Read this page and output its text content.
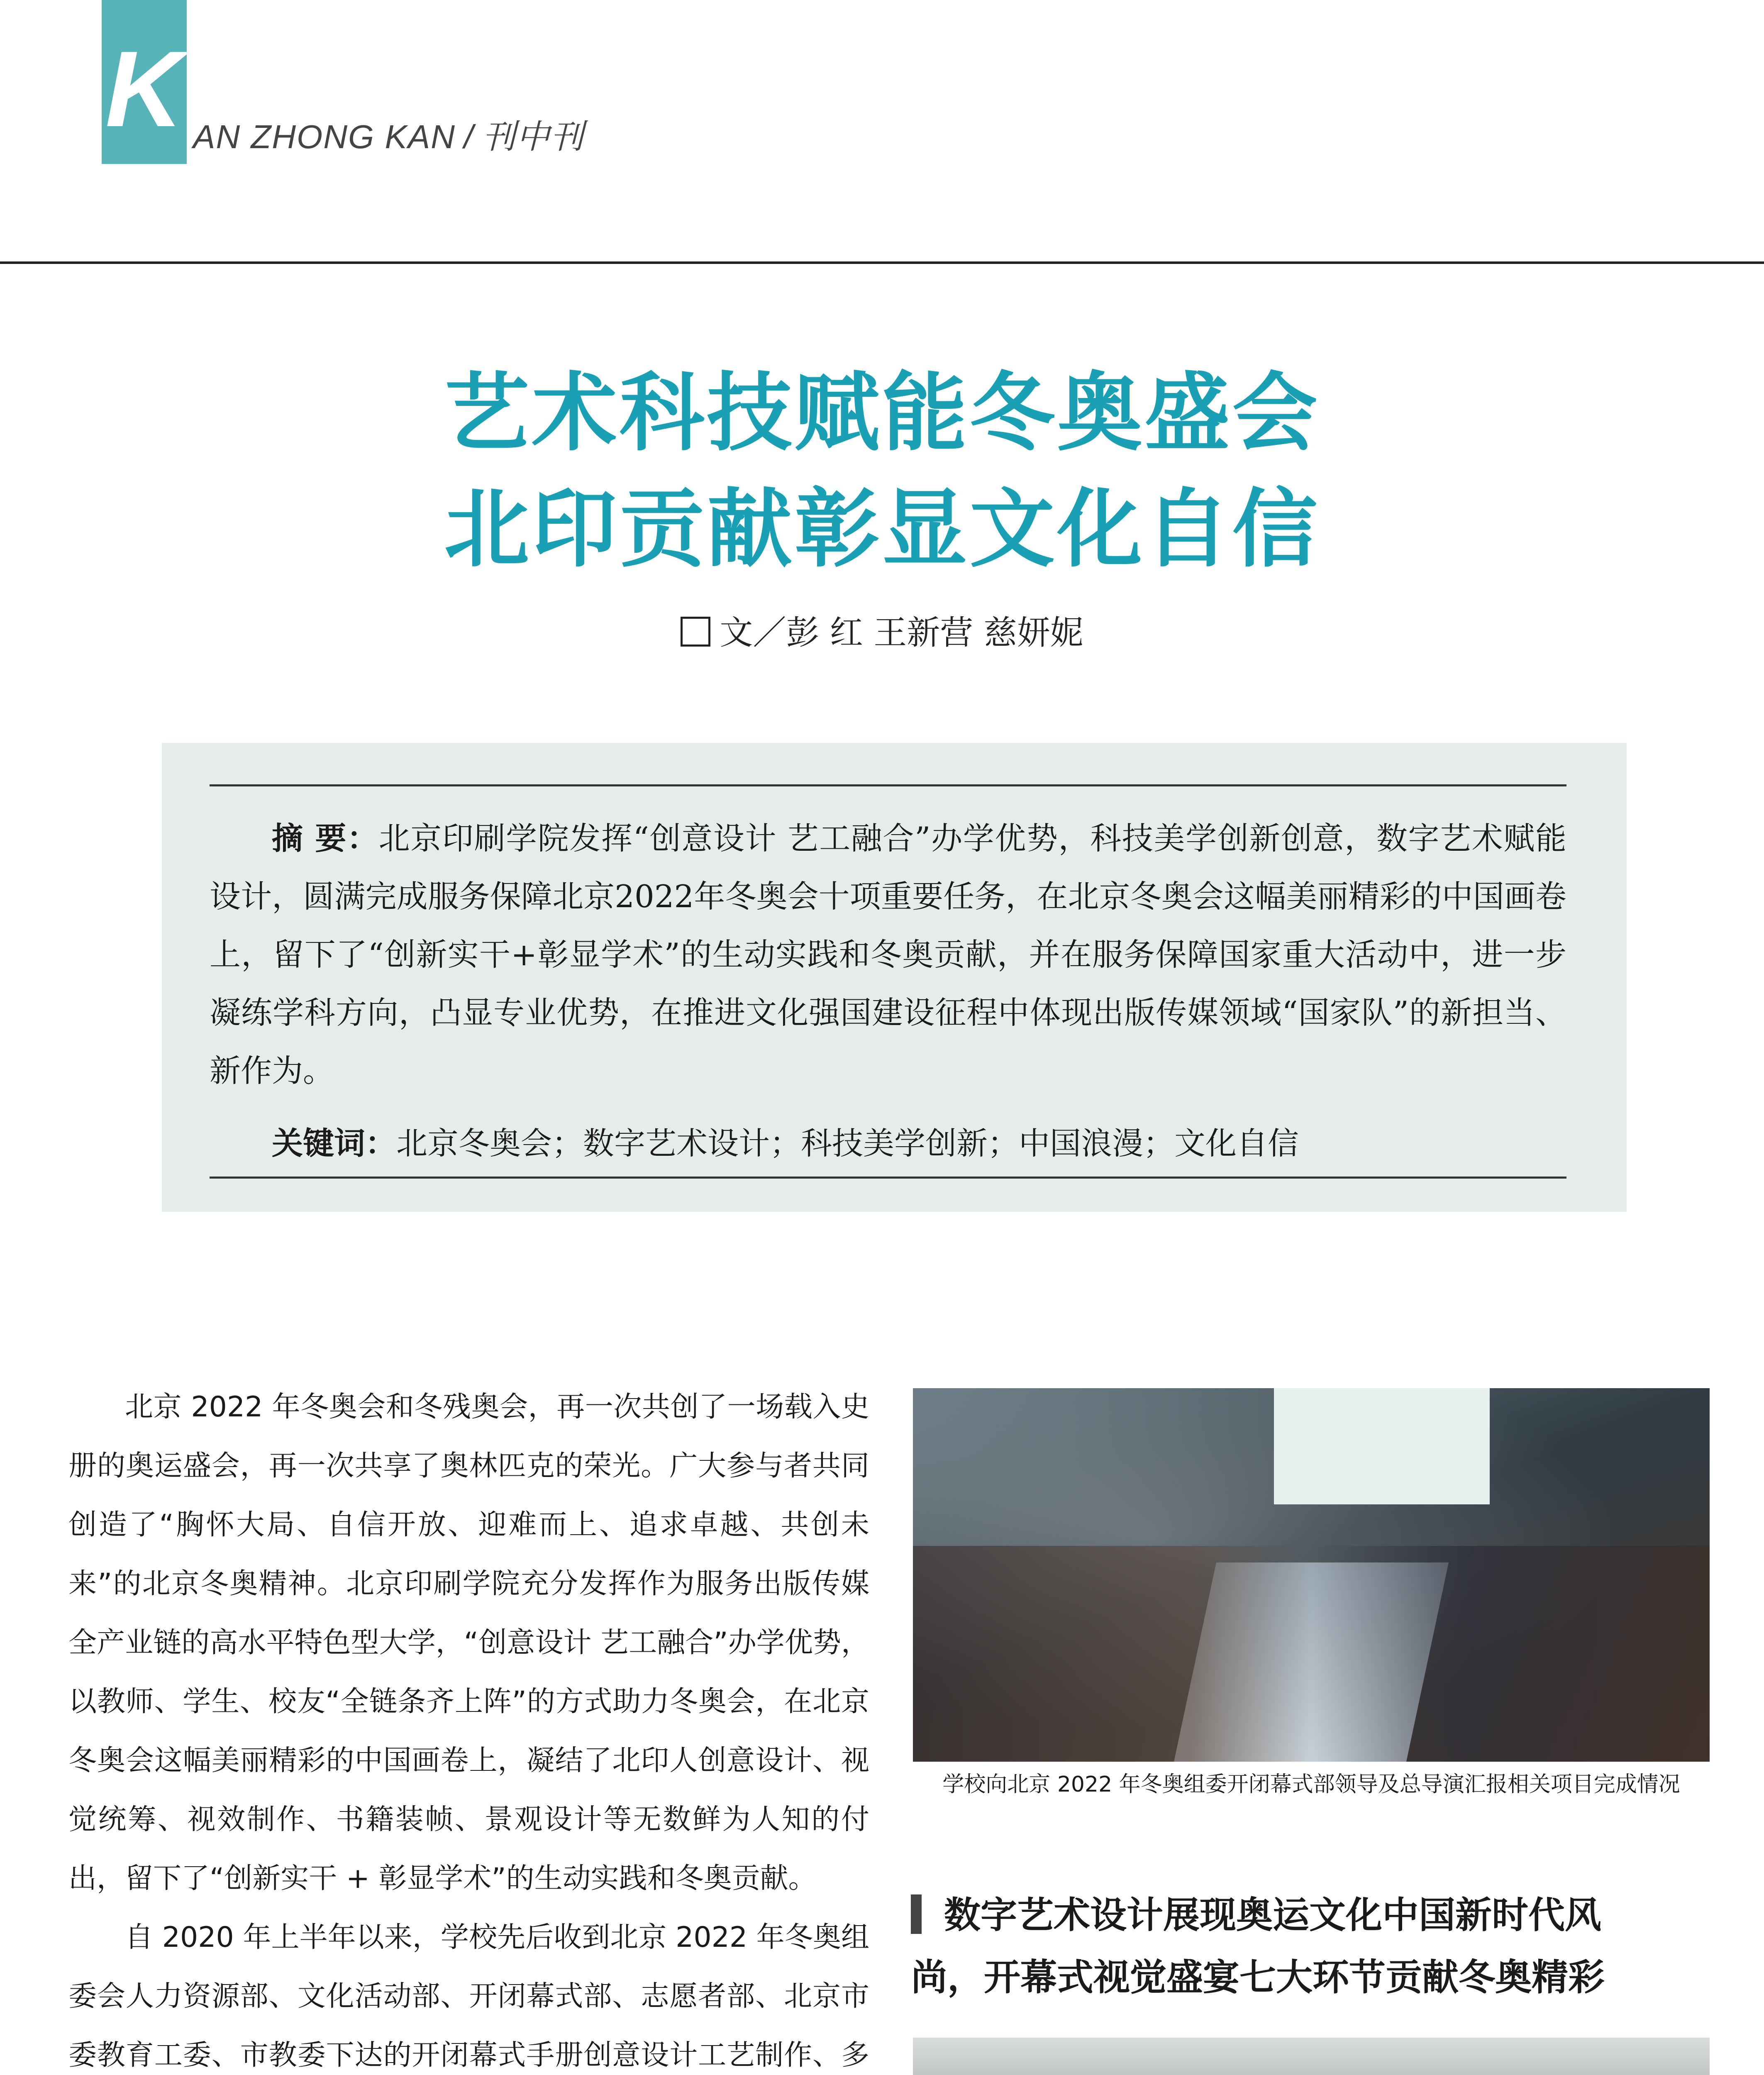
K AN ZHONG KAN / 刊中刊
艺术科技赋能冬奥盛会
北印贡献彰显文化自信
文／彭 红 王新营 慈妍妮
摘 要：北京印刷学院发挥“创意设计 艺工融合”办学优势，科技美学创新创意，数字艺术赋能设计，圆满完成服务保障北京2022年冬奥会十项重要任务，在北京冬奥会这幅美丽精彩的中国画卷上，留下了“创新实干+彰显学术”的生动实践和冬奥贡献，并在服务保障国家重大活动中，进一步凝练学科方向，凸显专业优势，在推进文化强国建设征程中体现出版传媒领域“国家队”的新担当、新作为。
关键词：北京冬奥会；数字艺术设计；科技美学创新；中国浪漫；文化自信

北京 2022 年冬奥会和冬残奥会，再一次共创了一场载入史册的奥运盛会，再一次共享了奥林匹克的荣光。广大参与者共同创造了“胸怀大局、自信开放、迎难而上、追求卓越、共创未来”的北京冬奥精神。北京印刷学院充分发挥作为服务出版传媒全产业链的高水平特色型大学，“创意设计 艺工融合”办学优势，以教师、学生、校友“全链条齐上阵”的方式助力冬奥会，在北京冬奥会这幅美丽精彩的中国画卷上，凝结了北印人创意设计、视觉统筹、视效制作、书籍装帧、景观设计等无数鲜为人知的付出，留下了“创新实干 + 彰显学术”的生动实践和冬奥贡献。

自 2020 年上半年以来，学校先后收到北京 2022 年冬奥组委会人力资源部、文化活动部、开闭幕式部、志愿者部、北京市委教育工委、市教委下达的开闭幕式手册创意设计工艺制作、多

学校向北京 2022 年冬奥组委开闭幕式部领导及总导演汇报相关项目完成情况
数字艺术设计展现奥运文化中国新时代风
尚，开幕式视觉盛宴七大环节贡献冬奥精彩
